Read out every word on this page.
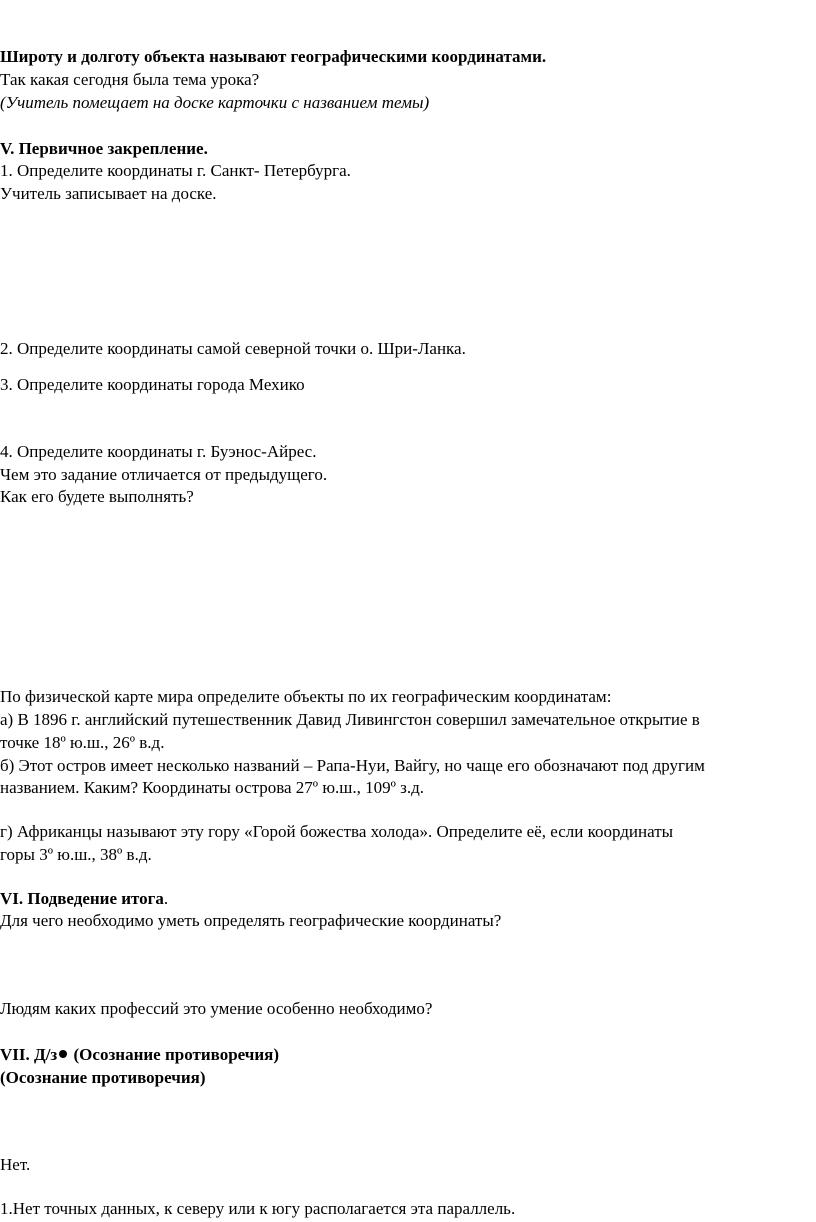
Широту и долготу объекта называют географическими координатами.
Так какая сегодня была тема урока?
(Учитель помещает на доске карточки с названием темы)
V. Первичное закрепление.
1. Определите координаты г. Санкт- Петербурга.
Учитель записывает на доске.
2. Определите координаты самой северной точки о. Шри-Ланка.
3. Определите координаты города Мехико
4. Определите координаты г. Буэнос-Айрес.
Чем это задание отличается от предыдущего.
Как его будете выполнять?
По физической карте мира определите объекты по их географическим координатам:
а) В 1896 г. английский путешественник Давид Ливингстон совершил замечательное открытие в
точке 18º ю.ш., 26º в.д.
б) Этот остров имеет несколько названий – Рапа-Нуи, Вайгу, но чаще его обозначают под другим
названием. Каким? Координаты острова 27º ю.ш., 109º з.д.
г) Африканцы называют эту гору «Горой божества холода». Определите её, если координаты
горы 3º ю.ш., 38º в.д.
VI. Подведение итога.
Для чего необходимо уметь определять географические координаты?
Людям каких профессий это умение особенно необходимо?
VII. Д/з (Осознание противоречия)
(Осознание противоречия)
Нет.
1.Нет точных данных, к северу или к югу располагается эта параллель.
